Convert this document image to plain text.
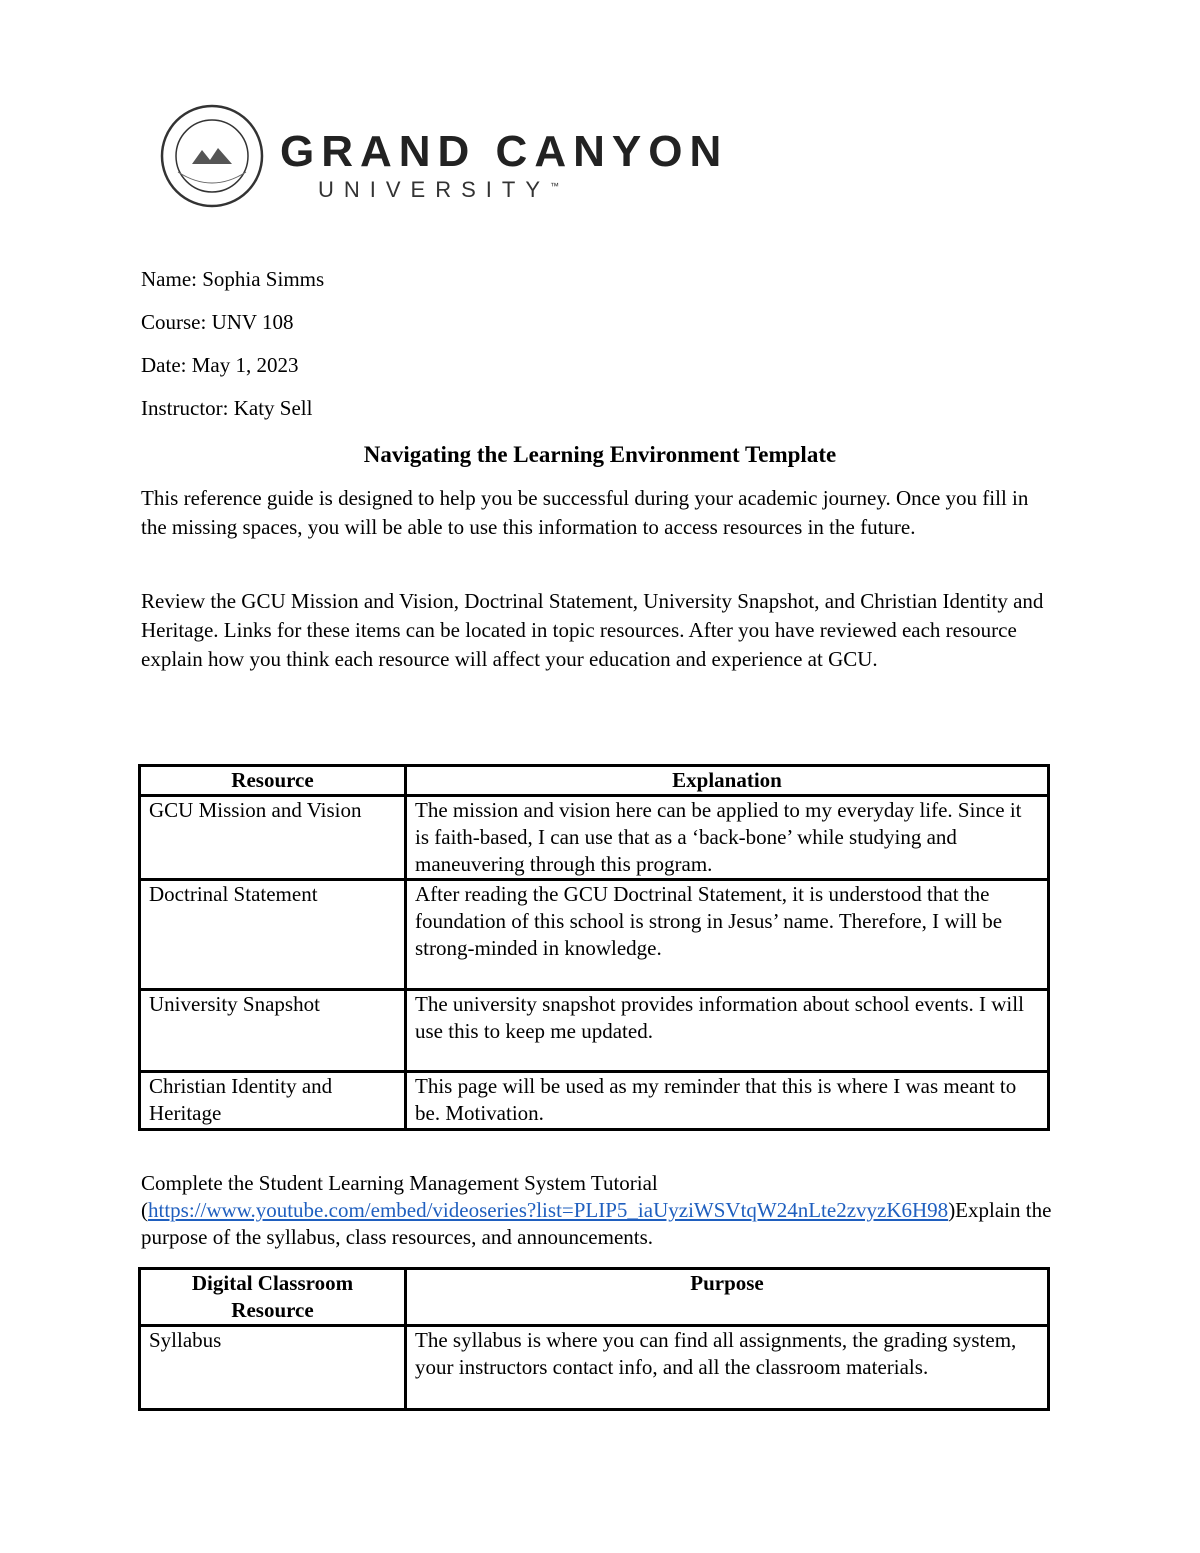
GRAND CANYON
UNIVERSITY™
Name: Sophia Simms
Course: UNV 108
Date: May 1, 2023
Instructor: Katy Sell
Navigating the Learning Environment Template

This reference guide is designed to help you be successful during your academic journey. Once you fill in the missing spaces, you will be able to use this information to access resources in the future.

Review the GCU Mission and Vision, Doctrinal Statement, University Snapshot, and Christian Identity and Heritage. Links for these items can be located in topic resources. After you have reviewed each resource explain how you think each resource will affect your education and experience at GCU.

Resource	Explanation
GCU Mission and Vision	The mission and vision here can be applied to my everyday life. Since it is faith-based, I can use that as a ‘back-bone’ while studying and maneuvering through this program.
Doctrinal Statement	After reading the GCU Doctrinal Statement, it is understood that the foundation of this school is strong in Jesus’ name. Therefore, I will be strong-minded in knowledge.
University Snapshot	The university snapshot provides information about school events. I will use this to keep me updated.
Christian Identity and Heritage	This page will be used as my reminder that this is where I was meant to be. Motivation.

Complete the Student Learning Management System Tutorial (https://www.youtube.com/embed/videoseries?list=PLIP5_iaUyziWSVtqW24nLte2zvyzK6H98)Explain the purpose of the syllabus, class resources, and announcements.

Digital Classroom Resource	Purpose
Syllabus	The syllabus is where you can find all assignments, the grading system, your instructors contact info, and all the classroom materials.
